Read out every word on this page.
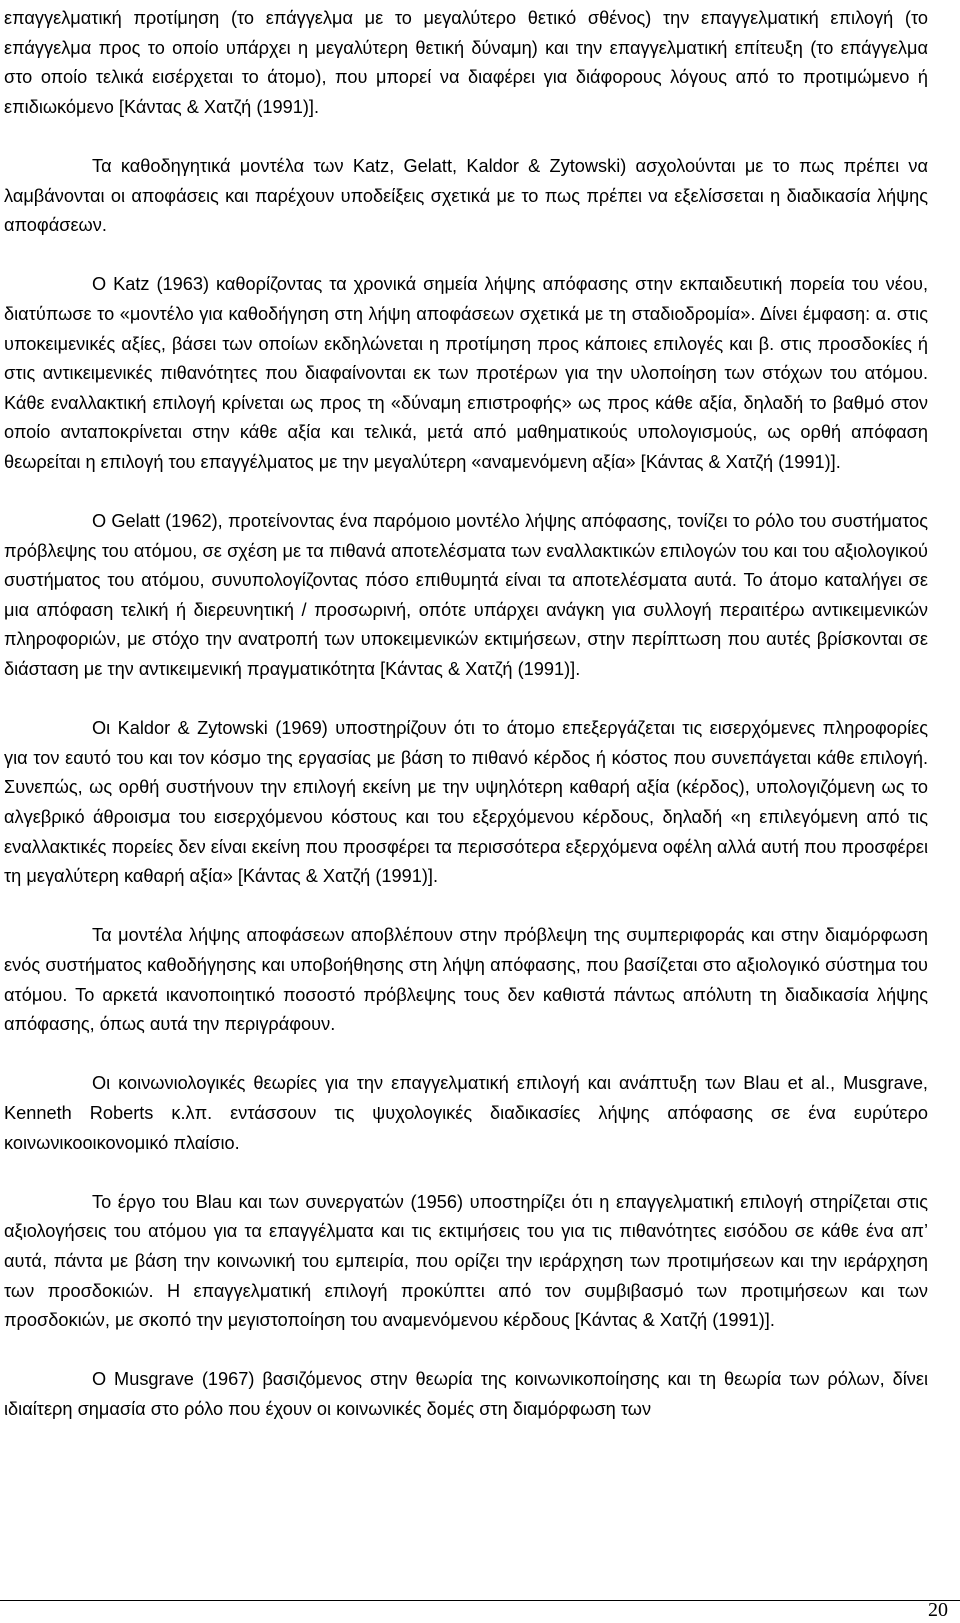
επαγγελματική προτίμηση (το επάγγελμα με το μεγαλύτερο θετικό σθένος) την επαγγελματική επιλογή (το επάγγελμα προς το οποίο υπάρχει η μεγαλύτερη θετική δύναμη) και την επαγγελματική επίτευξη (το επάγγελμα στο οποίο τελικά εισέρχεται το άτομο), που μπορεί να διαφέρει για διάφορους λόγους από το προτιμώμενο ή επιδιωκόμενο [Κάντας & Χατζή (1991)].

Τα καθοδηγητικά μοντέλα των Katz, Gelatt, Kaldor & Zytowski) ασχολούνται με το πως πρέπει να λαμβάνονται οι αποφάσεις και παρέχουν υποδείξεις σχετικά με το πως πρέπει να εξελίσσεται η διαδικασία λήψης αποφάσεων.

Ο Katz (1963) καθορίζοντας τα χρονικά σημεία λήψης απόφασης στην εκπαιδευτική πορεία του νέου, διατύπωσε το «μοντέλο για καθοδήγηση στη λήψη αποφάσεων σχετικά με τη σταδιοδρομία». Δίνει έμφαση: α. στις υποκειμενικές αξίες, βάσει των οποίων εκδηλώνεται η προτίμηση προς κάποιες επιλογές και β. στις προσδοκίες ή στις αντικειμενικές πιθανότητες που διαφαίνονται εκ των προτέρων για την υλοποίηση των στόχων του ατόμου. Κάθε εναλλακτική επιλογή κρίνεται ως προς τη «δύναμη επιστροφής» ως προς κάθε αξία, δηλαδή το βαθμό στον οποίο ανταποκρίνεται στην κάθε αξία και τελικά, μετά από μαθηματικούς υπολογισμούς, ως ορθή απόφαση θεωρείται η επιλογή του επαγγέλματος με την μεγαλύτερη «αναμενόμενη αξία» [Κάντας & Χατζή (1991)].

Ο Gelatt (1962), προτείνοντας ένα παρόμοιο μοντέλο λήψης απόφασης, τονίζει το ρόλο του συστήματος πρόβλεψης του ατόμου, σε σχέση με τα πιθανά αποτελέσματα των εναλλακτικών επιλογών του και του αξιολογικού συστήματος του ατόμου, συνυπολογίζοντας πόσο επιθυμητά είναι τα αποτελέσματα αυτά. Το άτομο καταλήγει σε μια απόφαση τελική ή διερευνητική / προσωρινή, οπότε υπάρχει ανάγκη για συλλογή περαιτέρω αντικειμενικών πληροφοριών, με στόχο την ανατροπή των υποκειμενικών εκτιμήσεων, στην περίπτωση που αυτές βρίσκονται σε διάσταση με την αντικειμενική πραγματικότητα [Κάντας & Χατζή (1991)].

Οι Kaldor & Zytowski (1969) υποστηρίζουν ότι το άτομο επεξεργάζεται τις εισερχόμενες πληροφορίες για τον εαυτό του και τον κόσμο της εργασίας με βάση το πιθανό κέρδος ή κόστος που συνεπάγεται κάθε επιλογή. Συνεπώς, ως ορθή συστήνουν την επιλογή εκείνη με την υψηλότερη καθαρή αξία (κέρδος), υπολογιζόμενη ως το αλγεβρικό άθροισμα του εισερχόμενου κόστους και του εξερχόμενου κέρδους, δηλαδή «η επιλεγόμενη από τις εναλλακτικές πορείες δεν είναι εκείνη που προσφέρει τα περισσότερα εξερχόμενα οφέλη αλλά αυτή που προσφέρει τη μεγαλύτερη καθαρή αξία» [Κάντας & Χατζή (1991)].

Τα μοντέλα λήψης αποφάσεων αποβλέπουν στην πρόβλεψη της συμπεριφοράς και στην διαμόρφωση ενός συστήματος καθοδήγησης και υποβοήθησης στη λήψη απόφασης, που βασίζεται στο αξιολογικό σύστημα του ατόμου. Το αρκετά ικανοποιητικό ποσοστό πρόβλεψης τους δεν καθιστά πάντως απόλυτη τη διαδικασία λήψης απόφασης, όπως αυτά την περιγράφουν.

Οι κοινωνιολογικές θεωρίες για την επαγγελματική επιλογή και ανάπτυξη των Blau et al., Musgrave, Kenneth Roberts κ.λπ. εντάσσουν τις ψυχολογικές διαδικασίες λήψης απόφασης σε ένα ευρύτερο κοινωνικοοικονομικό πλαίσιο.

Το έργο του Blau και των συνεργατών (1956) υποστηρίζει ότι η επαγγελματική επιλογή στηρίζεται στις αξιολογήσεις του ατόμου για τα επαγγέλματα και τις εκτιμήσεις του για τις πιθανότητες εισόδου σε κάθε ένα απ’ αυτά, πάντα με βάση την κοινωνική του εμπειρία, που ορίζει την ιεράρχηση των προτιμήσεων και την ιεράρχηση των προσδοκιών. Η επαγγελματική επιλογή προκύπτει από τον συμβιβασμό των προτιμήσεων και των προσδοκιών, με σκοπό την μεγιστοποίηση του αναμενόμενου κέρδους [Κάντας & Χατζή (1991)].

Ο Musgrave (1967) βασιζόμενος στην θεωρία της κοινωνικοποίησης και τη θεωρία των ρόλων, δίνει ιδιαίτερη σημασία στο ρόλο που έχουν οι κοινωνικές δομές στη διαμόρφωση των

20
